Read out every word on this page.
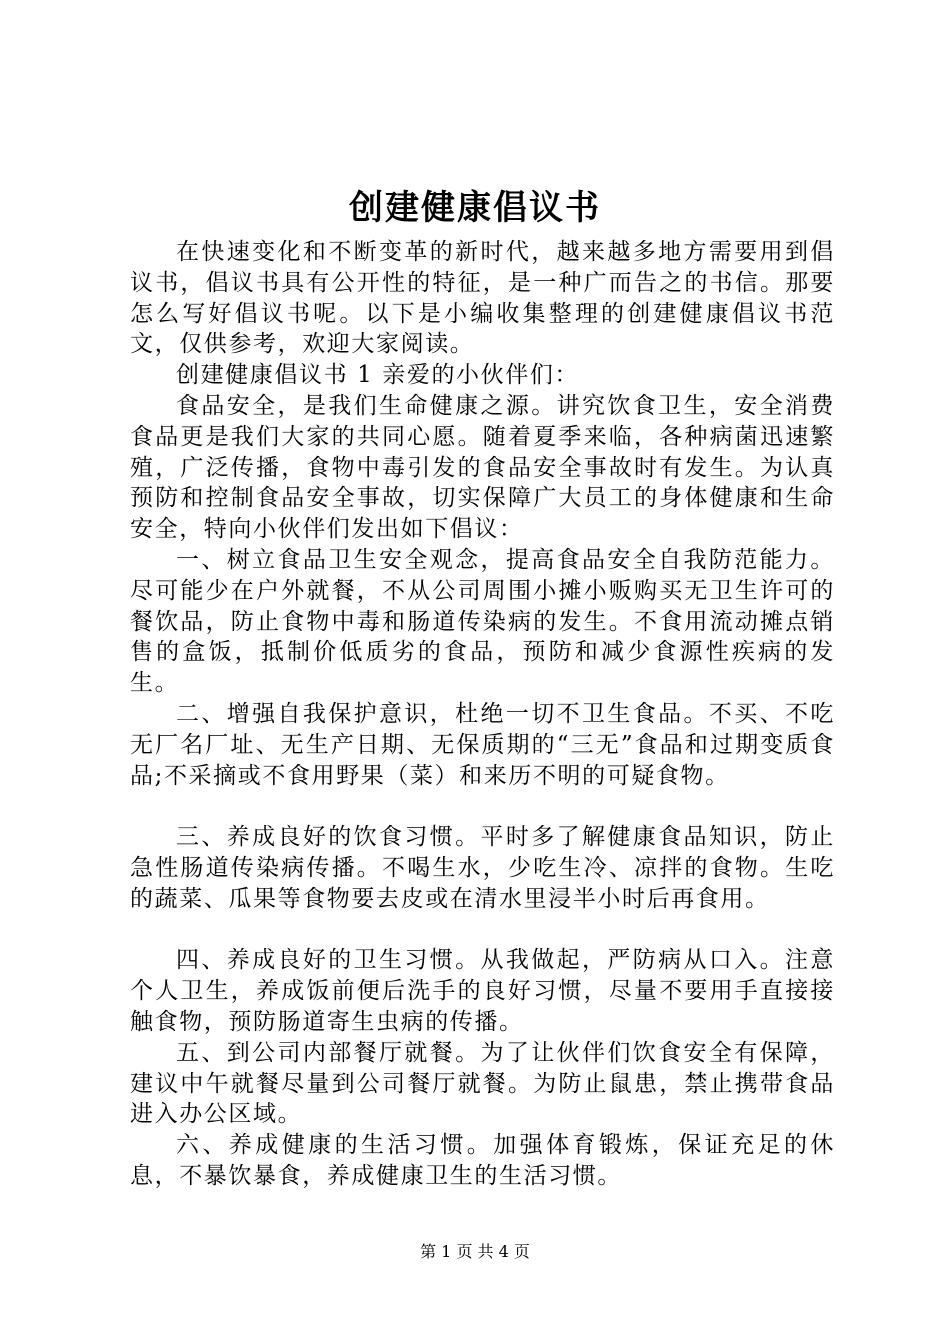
创建健康倡议书

在快速变化和不断变革的新时代，越来越多地方需要用到倡议书，倡议书具有公开性的特征，是一种广而告之的书信。那要怎么写好倡议书呢。以下是小编收集整理的创建健康倡议书范文，仅供参考，欢迎大家阅读。

创建健康倡议书 1 亲爱的小伙伴们：

食品安全，是我们生命健康之源。讲究饮食卫生，安全消费食品更是我们大家的共同心愿。随着夏季来临，各种病菌迅速繁殖，广泛传播，食物中毒引发的食品安全事故时有发生。为认真预防和控制食品安全事故，切实保障广大员工的身体健康和生命安全，特向小伙伴们发出如下倡议：

一、树立食品卫生安全观念，提高食品安全自我防范能力。尽可能少在户外就餐，不从公司周围小摊小贩购买无卫生许可的餐饮品，防止食物中毒和肠道传染病的发生。不食用流动摊点销售的盒饭，抵制价低质劣的食品，预防和减少食源性疾病的发生。

二、增强自我保护意识，杜绝一切不卫生食品。不买、不吃无厂名厂址、无生产日期、无保质期的“三无”食品和过期变质食品;不采摘或不食用野果（菜）和来历不明的可疑食物。

三、养成良好的饮食习惯。平时多了解健康食品知识，防止急性肠道传染病传播。不喝生水，少吃生冷、凉拌的食物。生吃的蔬菜、瓜果等食物要去皮或在清水里浸半小时后再食用。

四、养成良好的卫生习惯。从我做起，严防病从口入。注意个人卫生，养成饭前便后洗手的良好习惯，尽量不要用手直接接触食物，预防肠道寄生虫病的传播。

五、到公司内部餐厅就餐。为了让伙伴们饮食安全有保障，建议中午就餐尽量到公司餐厅就餐。为防止鼠患，禁止携带食品进入办公区域。

六、养成健康的生活习惯。加强体育锻炼，保证充足的休息，不暴饮暴食，养成健康卫生的生活习惯。

第 1 页 共 4 页
